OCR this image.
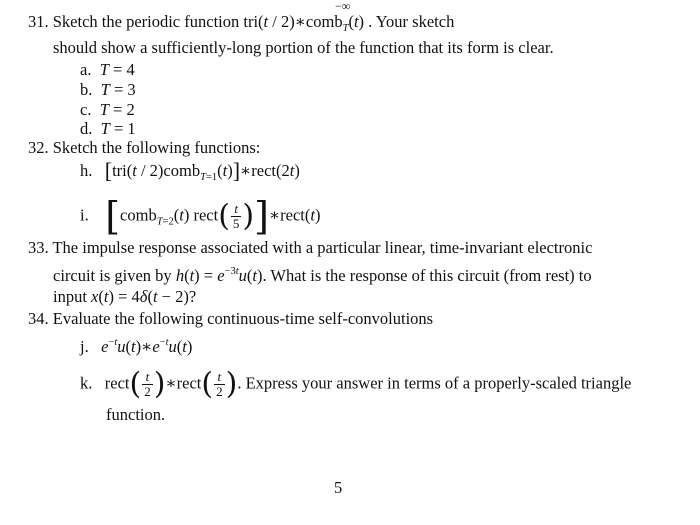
−∞
31. Sketch the periodic function tri(t / 2)∗comb$_T$(t) . Your sketch
should show a sufficiently-long portion of the function that its form is clear.
a. T = 4
b. T = 3
c. T = 2
d. T = 1
32. Sketch the following functions:
h. [tri(t / 2)comb$_{T=1}$(t)]∗rect(2t)
i. [comb$_{T=2}$(t) rect( $\frac{t}{5}$ )]∗rect(t)
33. The impulse response associated with a particular linear, time-invariant electronic
circuit is given by $h(t) = e^{-3t}u(t)$. What is the response of this circuit (from rest) to
input x(t) = 4δ(t − 2)?
34. Evaluate the following continuous-time self-convolutions
j. $e^{-t}u(t)∗e^{-t}u(t)$
k.   rect( $\frac{t}{2}$ )∗rect( $\frac{t}{2}$ ). Express your answer in terms of a properly-scaled triangle
function.
5
